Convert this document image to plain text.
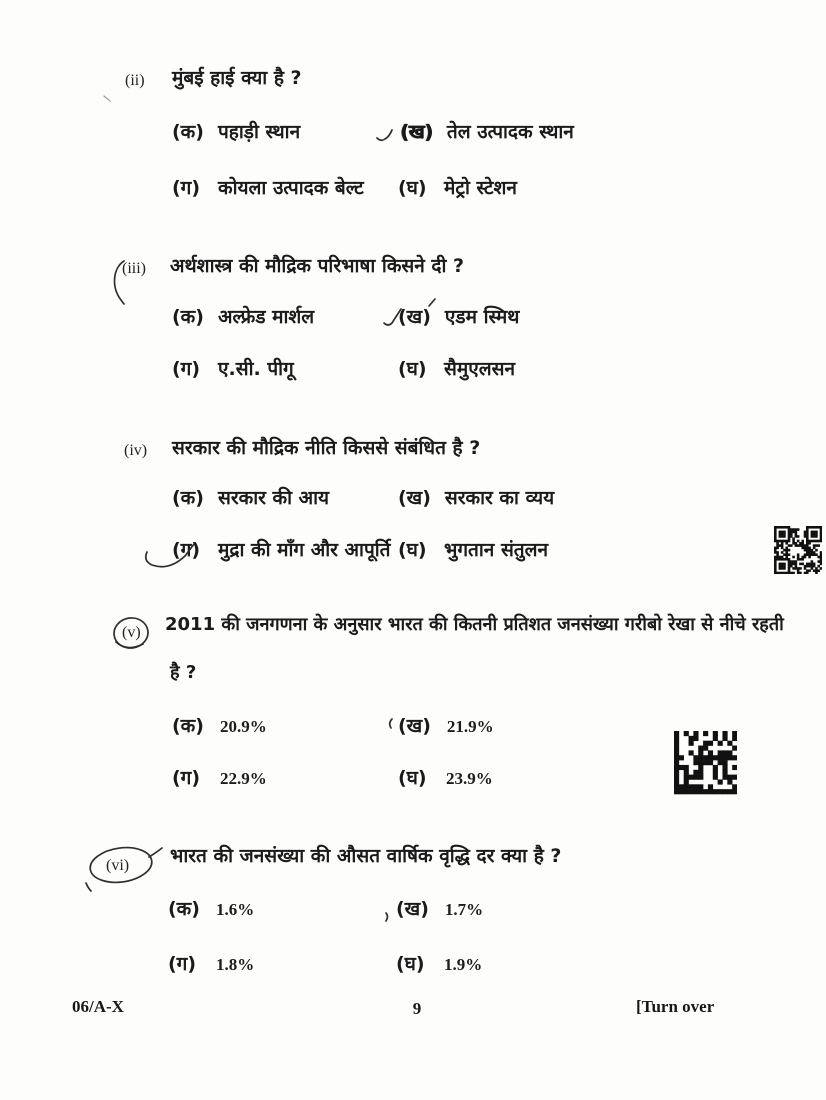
(ii) मुंबई हाई क्या है ?
(क) पहाड़ी स्थान	(ख) तेल उत्पादक स्थान
(ग) कोयला उत्पादक बेल्ट (घ) मेट्रो स्टेशन
(iii) अर्थशास्त्र की मौद्रिक परिभाषा किसने दी ?
(क) अल्फ्रेड मार्शल	(ख) एडम स्मिथ
(ग) ए.सी. पीगू	(घ) सैमुएलसन
(iv) सरकार की मौद्रिक नीति किससे संबंधित है ?
(क) सरकार की आय	(ख) सरकार का व्यय
(ग) मुद्रा की माँग और आपूर्ति (घ) भुगतान संतुलन
(v) 2011 की जनगणना के अनुसार भारत की कितनी प्रतिशत जनसंख्या गरीबो रेखा से नीचे रहती
है ?
(क) 20.9%	(ख) 21.9%
(ग) 22.9%	(घ) 23.9%
(vi) भारत की जनसंख्या की औसत वार्षिक वृद्धि दर क्या है ?
(क) 1.6%	(ख) 1.7%
(ग) 1.8%	(घ) 1.9%
06/A-X	9	[Turn over
